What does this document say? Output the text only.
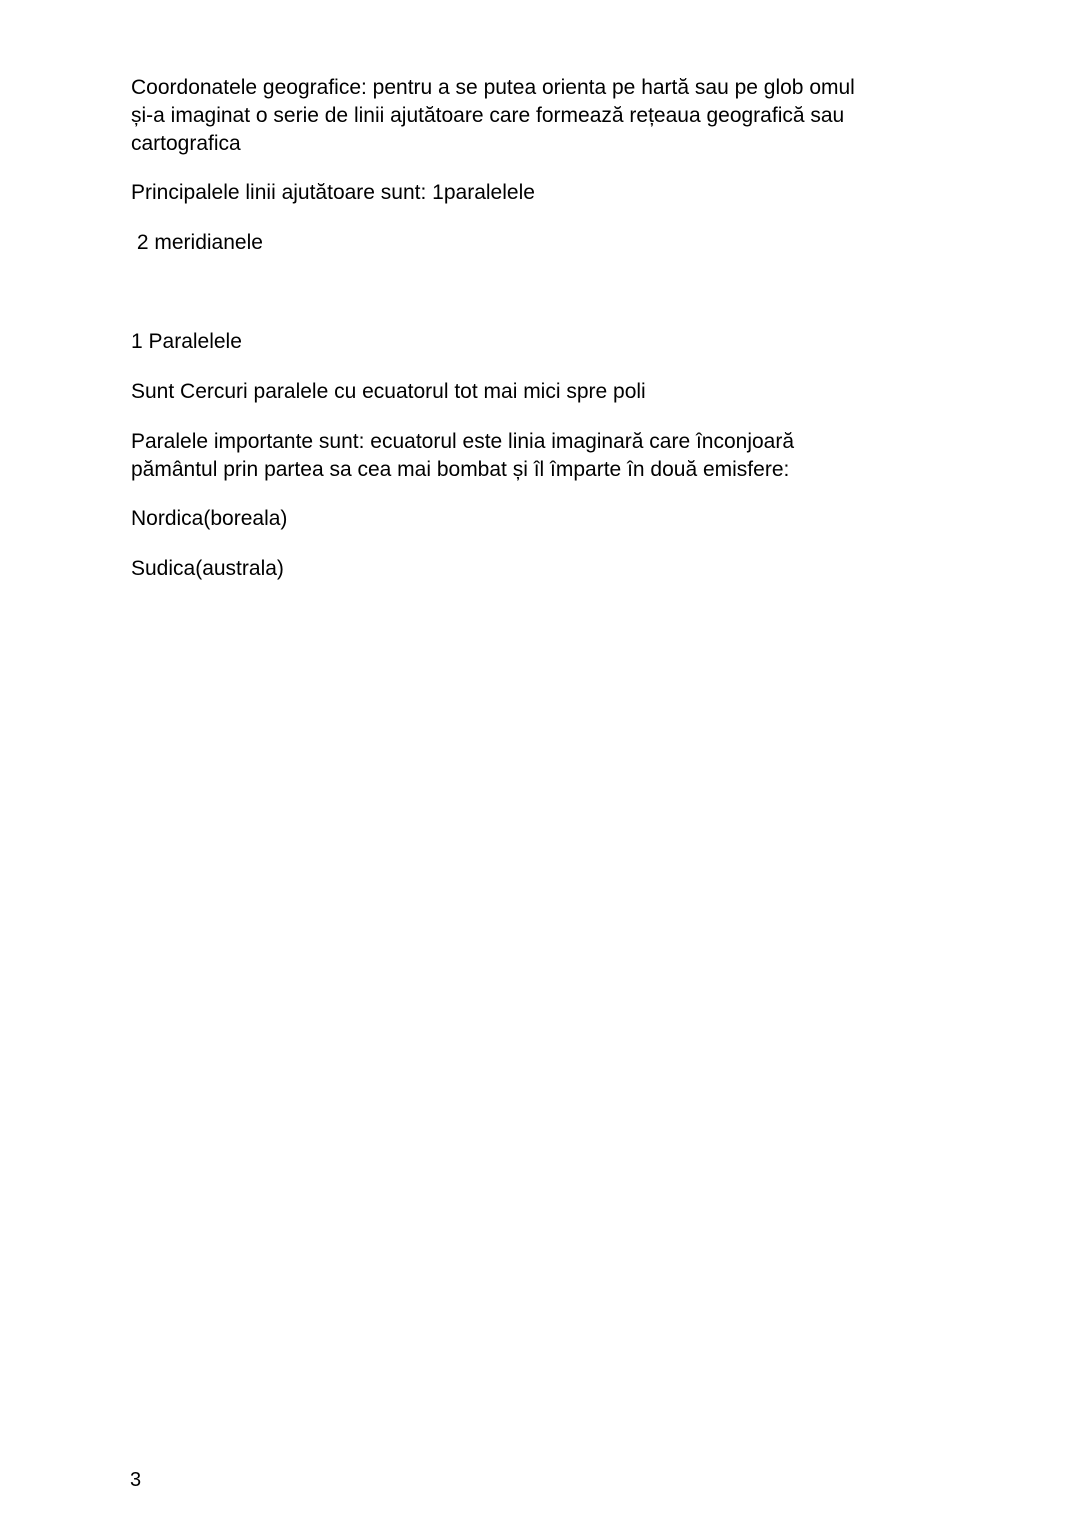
Coordonatele geografice: pentru a se putea orienta pe hartă sau pe glob omul
și-a imaginat o serie de linii ajutătoare care formează rețeaua geografică sau
cartografica

Principalele linii ajutătoare sunt: 1paralelele

2 meridianele

1 Paralelele

Sunt Cercuri paralele cu ecuatorul tot mai mici spre poli

Paralele importante sunt: ecuatorul este linia imaginară care înconjoară
pământul prin partea sa cea mai bombat și îl împarte în două emisfere:

Nordica(boreala)

Sudica(australa)

3
